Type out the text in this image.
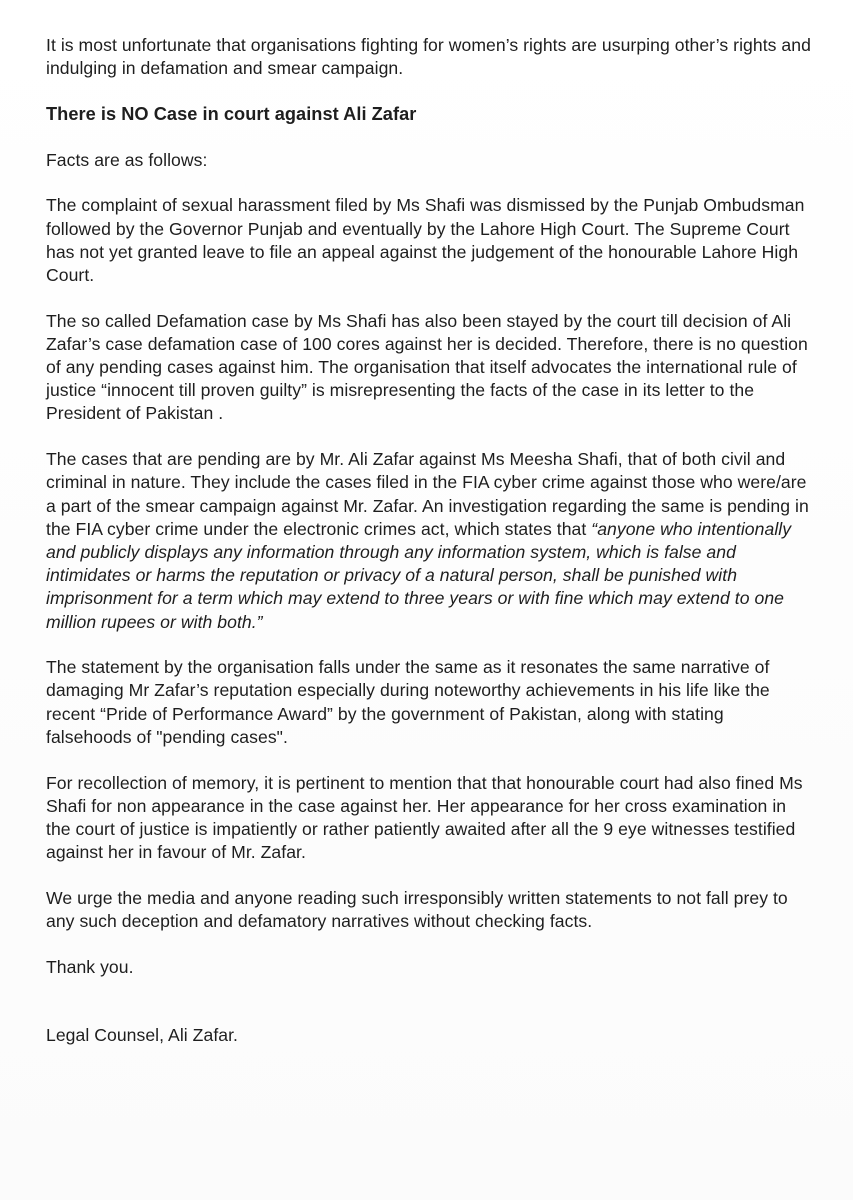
It is most unfortunate that organisations fighting for women’s rights are usurping other’s rights and indulging in defamation and smear campaign.

There is NO Case in court against Ali Zafar

Facts are as follows:

The complaint of sexual harassment filed by Ms Shafi was dismissed by the Punjab Ombudsman followed by the Governor Punjab and eventually by the Lahore High Court. The Supreme Court has not yet granted leave to file an appeal against the judgement of the honourable Lahore High Court.

The so called Defamation case by Ms Shafi has also been stayed by the court till decision of Ali Zafar’s case defamation case of 100 cores against her is decided. Therefore, there is no question of any pending cases against him. The organisation that itself advocates the international rule of justice “innocent till proven guilty” is misrepresenting the facts of the case in its letter to the President of Pakistan .

The cases that are pending are by Mr. Ali Zafar against Ms Meesha Shafi, that of both civil and criminal in nature. They include the cases filed in the FIA cyber crime against those who were/are a part of the smear campaign against Mr. Zafar. An investigation regarding the same is pending in the FIA cyber crime under the electronic crimes act, which states that “anyone who intentionally and publicly displays any information through any information system, which is false and intimidates or harms the reputation or privacy of a natural person, shall be punished with imprisonment for a term which may extend to three years or with fine which may extend to one million rupees or with both.”

The statement by the organisation falls under the same as it resonates the same narrative of damaging Mr Zafar’s reputation especially during noteworthy achievements in his life like the recent “Pride of Performance Award” by the government of Pakistan, along with stating falsehoods of "pending cases".

For recollection of memory, it is pertinent to mention that that honourable court had also fined Ms Shafi for non appearance in the case against her. Her appearance for her cross examination in the court of justice is impatiently or rather patiently awaited after all the 9 eye witnesses testified against her in favour of Mr. Zafar.

We urge the media and anyone reading such irresponsibly written statements to not fall prey to any such deception and defamatory narratives without checking facts.

Thank you.

Legal Counsel, Ali Zafar.
